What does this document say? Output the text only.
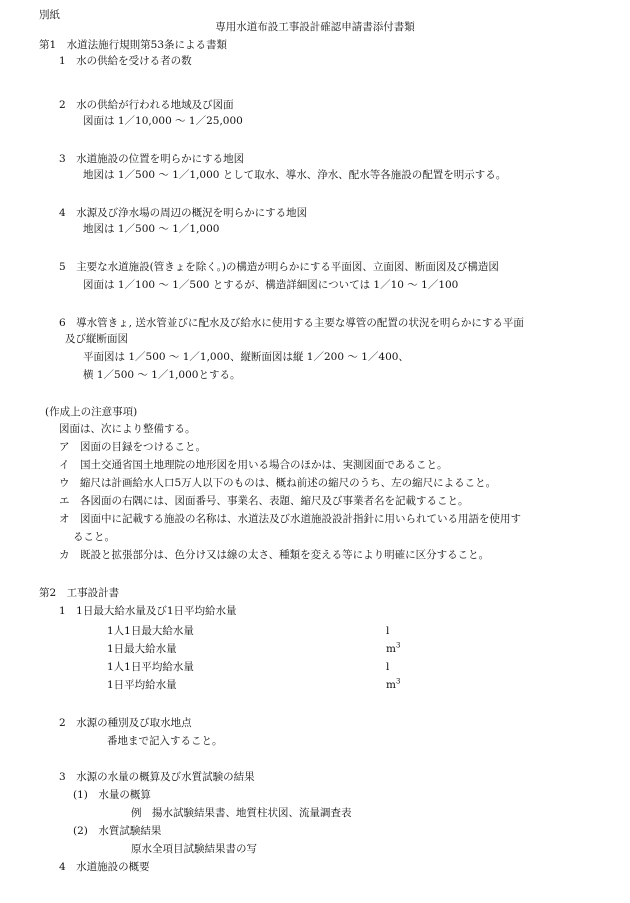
別紙
専用水道布設工事設計確認申請書添付書類
第1　水道法施行規則第53条による書類
1　水の供給を受ける者の数
2　水の供給が行われる地域及び図面
図面は 1／10,000 ～ 1／25,000
3　水道施設の位置を明らかにする地図
地図は 1／500 ～ 1／1,000 として取水、導水、浄水、配水等各施設の配置を明示する。
4　水源及び浄水場の周辺の概況を明らかにする地図
地図は 1／500 ～ 1／1,000
5　主要な水道施設(管きょを除く。)の構造が明らかにする平面図、立面図、断面図及び構造図
図面は 1／100 ～ 1／500 とするが、構造詳細図については 1／10 ～ 1／100
6　導水管きょ, 送水管並びに配水及び給水に使用する主要な導管の配置の状況を明らかにする平面
及び縦断面図
平面図は 1／500 ～ 1／1,000、縦断面図は縦 1／200 ～ 1／400、
横 1／500 ～ 1／1,000とする。
(作成上の注意事項)
図面は、次により整備する。
ア　図面の目録をつけること。
イ　国土交通省国土地理院の地形図を用いる場合のほかは、実測図面であること。
ウ　縮尺は計画給水人口5万人以下のものは、概ね前述の縮尺のうち、左の縮尺によること。
エ　各図面の右隅には、図面番号、事業名、表題、縮尺及び事業者名を記載すること。
オ　図面中に記載する施設の名称は、水道法及び水道施設設計指針に用いられている用語を使用す
ること。
カ　既設と拡張部分は、色分け又は線の太さ、種類を変える等により明確に区分すること。
第2　工事設計書
1　1日最大給水量及び1日平均給水量
1人1日最大給水量	l
1日最大給水量	$m^3$
1人1日平均給水量	l
1日平均給水量	$m^3$
2　水源の種別及び取水地点
番地まで記入すること。
3　水源の水量の概算及び水質試験の結果
(1)　水量の概算
例　揚水試験結果書、地質柱状図、流量調査表
(2)　水質試験結果
原水全項目試験結果書の写
4　水道施設の概要
